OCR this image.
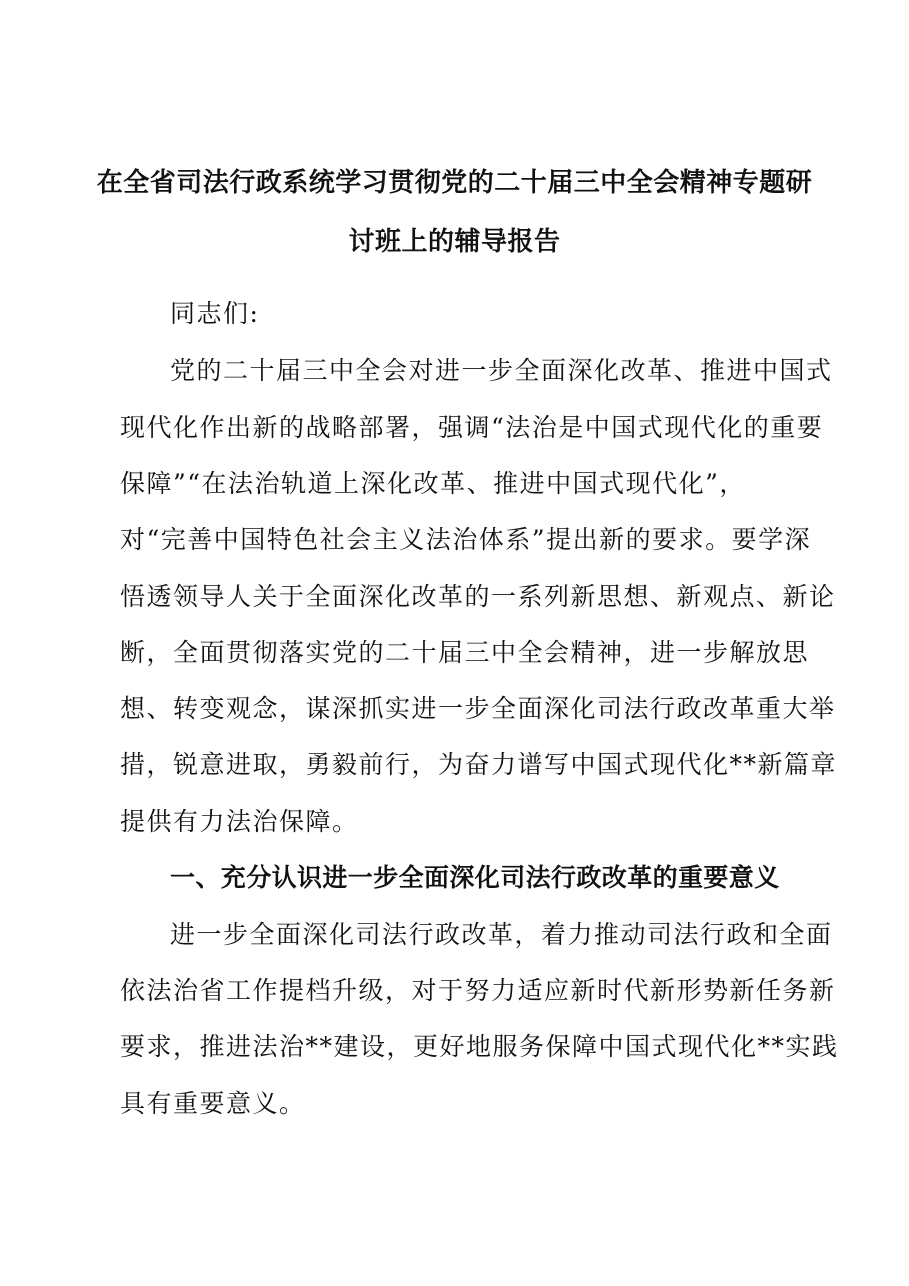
在全省司法行政系统学习贯彻党的二十届三中全会精神专题研
讨班上的辅导报告
同志们:
党的二十届三中全会对进一步全面深化改革、推进中国式
现代化作出新的战略部署，强调“法治是中国式现代化的重要
保障”“在法治轨道上深化改革、推进中国式现代化”，
对“完善中国特色社会主义法治体系”提出新的要求。要学深
悟透领导人关于全面深化改革的一系列新思想、新观点、新论
断，全面贯彻落实党的二十届三中全会精神，进一步解放思
想、转变观念，谋深抓实进一步全面深化司法行政改革重大举
措，锐意进取，勇毅前行，为奋力谱写中国式现代化**新篇章
提供有力法治保障。
一、充分认识进一步全面深化司法行政改革的重要意义
进一步全面深化司法行政改革，着力推动司法行政和全面
依法治省工作提档升级，对于努力适应新时代新形势新任务新
要求，推进法治**建设，更好地服务保障中国式现代化**实践
具有重要意义。
